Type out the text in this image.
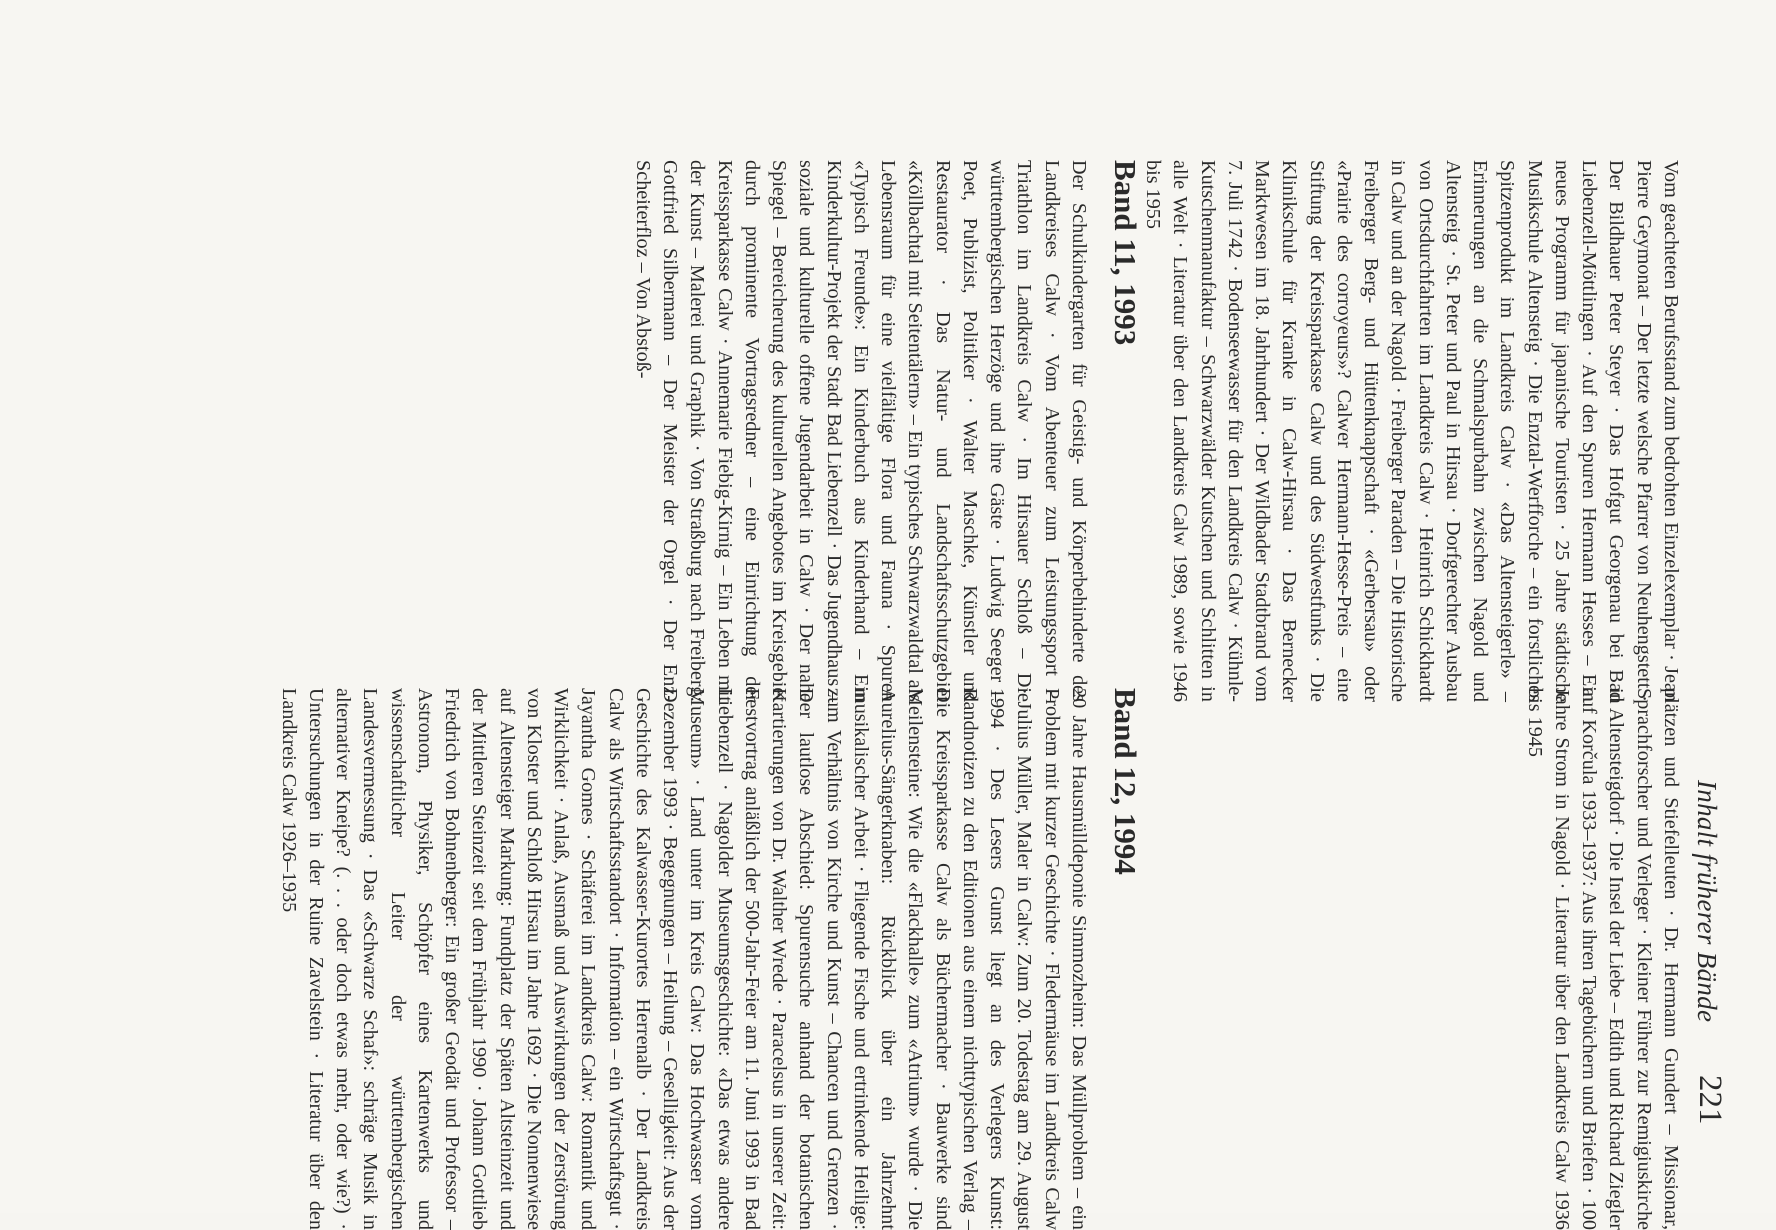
Inhalt früherer Bände
221

Vom geachteten Berufsstand zum bedrohten Einzelexemplar · Jean Pierre Geymonat – Der letzte welsche Pfarrer von Neuhengstett · Der Bildhauer Peter Steyer · Das Hofgut Georgenau bei Bad Liebenzell-Möttlingen · Auf den Spuren Hermann Hesses – Ein neues Programm für japanische Touristen · 25 Jahre städtische Musikschule Altensteig · Die Enztal-Werfforche – ein forstliches Spitzenprodukt im Landkreis Calw · «Das Altensteigerle» – Erinnerungen an die Schmalspurbahn zwischen Nagold und Altensteig · St. Peter und Paul in Hirsau · Dorfgerechter Ausbau von Ortsdurchfahrten im Landkreis Calw · Heinrich Schickhardt in Calw und an der Nagold · Freiberger Paraden – Die Historische Freiberger Berg- und Hüttenknappschaft · «Gerbersau» oder «Prairie des corroyeurs»? Calwer Hermann-Hesse-Preis – eine Stiftung der Kreissparkasse Calw und des Südwestfunks · Die Klinikschule für Kranke in Calw-Hirsau · Das Bernecker Marktwesen im 18. Jahrhundert · Der Wildbader Stadtbrand vom 7. Juli 1742 · Bodenseewasser für den Landkreis Calw · Kühnle-Kutschenmanufaktur – Schwarzwälder Kutschen und Schlitten in alle Welt · Literatur über den Landkreis Calw 1989, sowie 1946 bis 1955

Band 11, 1993

Der Schulkindergarten für Geistig- und Körperbehinderte des Landkreises Calw · Vom Abenteuer zum Leistungssport – Triathlon im Landkreis Calw · Im Hirsauer Schloß – Die württembergischen Herzöge und ihre Gäste · Ludwig Seeger – Poet, Publizist, Politiker · Walter Maschke, Künstler und Restaurator · Das Natur- und Landschaftsschutzgebiet «Köllbachtal mit Seitentälern» – Ein typisches Schwarzwaldtal als Lebensraum für eine vielfältige Flora und Fauna · Spuren «Typisch Freunde»: Ein Kinderbuch aus Kinderhand – Ein Kinderkultur-Projekt der Stadt Bad Liebenzell · Das Jugendhaus – soziale und kulturelle offene Jugendarbeit in Calw · Der nahe Spiegel – Bereicherung des kulturellen Angebotes im Kreisgebiet durch prominente Vortragsredner – eine Einrichtung der Kreissparkasse Calw · Annemarie Fiebig-Kirnig – Ein Leben mit der Kunst – Malerei und Graphik · Von Straßburg nach Freiberg: Gottfried Silbermann – Der Meister der Orgel · Der Enz-Scheiterfloz – Von Abstoß-

plätzen und Stiefelleuten · Dr. Hermann Gundert – Missionar, Sprachforscher und Verleger · Kleiner Führer zur Remigiuskirche in Altensteigdorf · Die Insel der Liebe – Edith und Richard Ziegler auf Korčula 1933–1937: Aus ihren Tagebüchern und Briefen · 100 Jahre Strom in Nagold · Literatur über den Landkreis Calw 1936 bis 1945

Band 12, 1994

20 Jahre Hausmülldeponie Simmozheim: Das Müllproblem – ein Problem mit kurzer Geschichte · Fledermäuse im Landkreis Calw · Julius Müller, Maler in Calw: Zum 20. Todestag am 29. August 1994 · Des Lesers Gunst liegt an des Verlegers Kunst: Randnotizen zu den Editionen aus einem nichttypischen Verlag – Die Kreissparkasse Calw als Büchermacher · Bauwerke sind Meilensteine: Wie die «Flackhalle» zum «Atrium» wurde · Die Aurelius-Sängerknaben: Rückblick über ein Jahrzehnt musikalischer Arbeit · Fliegende Fische und ertrinkende Heilige: zum Verhältnis von Kirche und Kunst – Chancen und Grenzen · Der lautlose Abschied: Spurensuche anhand der botanischen Kartierungen von Dr. Walther Wrede · Paracelsus in unserer Zeit: Festvortrag anläßlich der 500-Jahr-Feier am 11. Juni 1993 in Bad Liebenzell · Nagolder Museumsgeschichte: «Das etwas andere Museum» · Land unter im Kreis Calw: Das Hochwasser vom Dezember 1993 · Begegnungen – Heilung – Geselligkeit: Aus der Geschichte des Kalwasser-Kurortes Herrenalb · Der Landkreis Calw als Wirtschaftsstandort · Information – ein Wirtschaftsgut · Jayantha Gomes · Schäferei im Landkreis Calw: Romantik und Wirklichkeit · Anlaß, Ausmaß und Auswirkungen der Zerstörung von Kloster und Schloß Hirsau im Jahre 1692 · Die Nonnenwiese auf Altensteiger Markung: Fundplatz der Späten Altsteinzeit und der Mittleren Steinzeit seit dem Frühjahr 1990 · Johann Gottlieb Friedrich von Bohnenberger: Ein großer Geodät und Professor – Astronom, Physiker, Schöpfer eines Kartenwerks und wissenschaftlicher Leiter der württembergischen Landesvermessung · Das «Schwarze Schaf»: schräge Musik in alternativer Kneipe? (. . . oder doch etwas mehr, oder wie?) · Untersuchungen in der Ruine Zavelstein · Literatur über den Landkreis Calw 1926–1935
